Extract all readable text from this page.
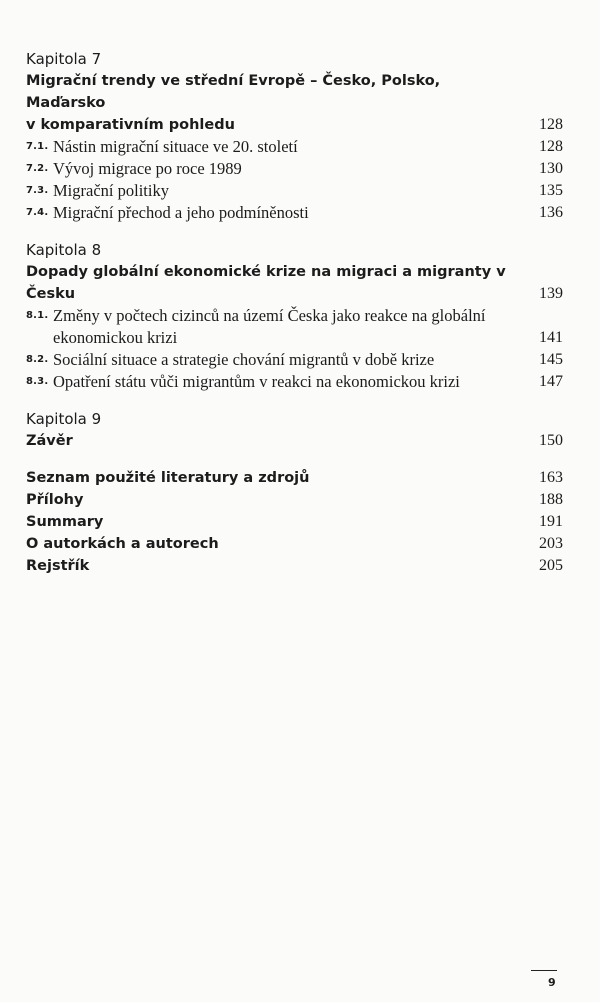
Kapitola 7
Migrační trendy ve střední Evropě – Česko, Polsko, Maďarsko
v komparativním pohledu	128
7.1. Nástin migrační situace ve 20. století	128
7.2. Vývoj migrace po roce 1989	130
7.3. Migrační politiky	135
7.4. Migrační přechod a jeho podmíněnosti	136
Kapitola 8
Dopady globální ekonomické krize na migraci a migranty v Česku	139
8.1. Změny v počtech cizinců na území Česka jako reakce na globální
ekonomickou krizi	141
8.2. Sociální situace a strategie chování migrantů v době krize	145
8.3. Opatření státu vůči migrantům v reakci na ekonomickou krizi	147
Kapitola 9
Závěr	150
Seznam použité literatury a zdrojů	163
Přílohy	188
Summary	191
O autorkách a autorech	203
Rejstřík	205
9
